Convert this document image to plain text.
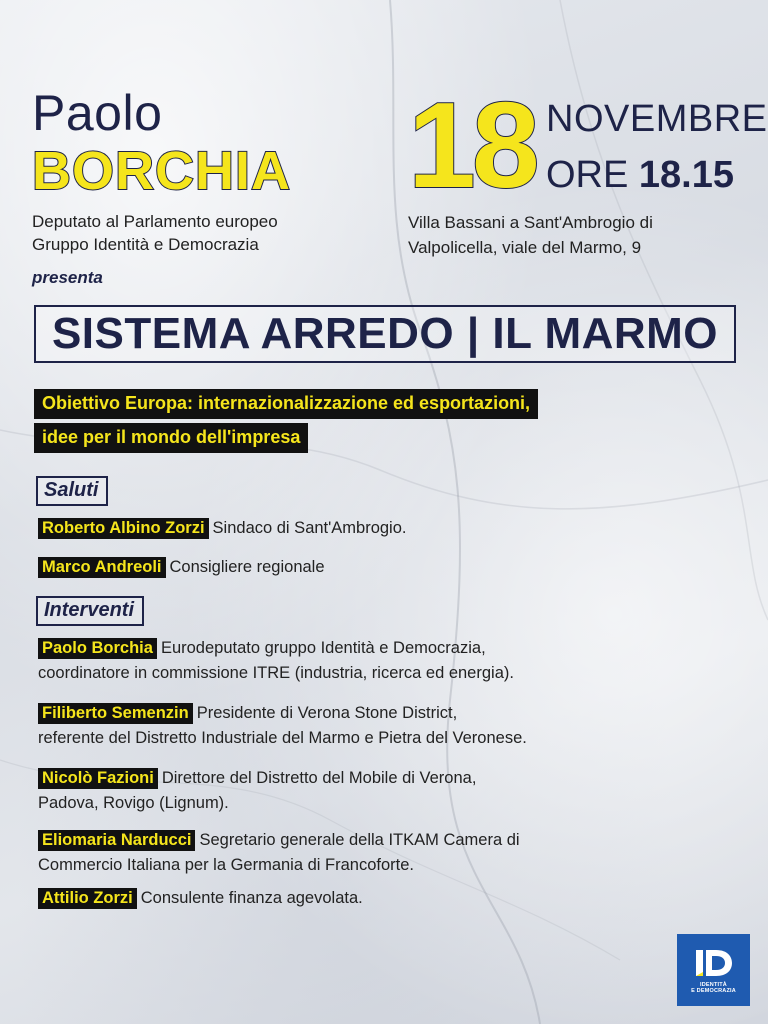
Paolo
BORCHIA
Deputato al Parlamento europeo
Gruppo Identità e Democrazia
presenta
18 NOVEMBRE
ORE 18.15
Villa Bassani a Sant'Ambrogio di
Valpolicella, viale del Marmo, 9
SISTEMA ARREDO | IL MARMO
Obiettivo Europa: internazionalizzazione ed esportazioni,
idee per il mondo dell'impresa
Saluti
Roberto Albino Zorzi Sindaco di Sant'Ambrogio.
Marco Andreoli Consigliere regionale
Interventi
Paolo Borchia Eurodeputato gruppo Identità e Democrazia,
coordinatore in commissione ITRE (industria, ricerca ed energia).
Filiberto Semenzin Presidente di Verona Stone District,
referente del Distretto Industriale del Marmo e Pietra del Veronese.
Nicolò Fazioni Direttore del Distretto del Mobile di Verona,
Padova, Rovigo (Lignum).
Eliomaria Narducci Segretario generale della ITKAM Camera di
Commercio Italiana per la Germania di Francoforte.
Attilio Zorzi Consulente finanza agevolata.
IDENTITÀ
E DEMOCRAZIA
